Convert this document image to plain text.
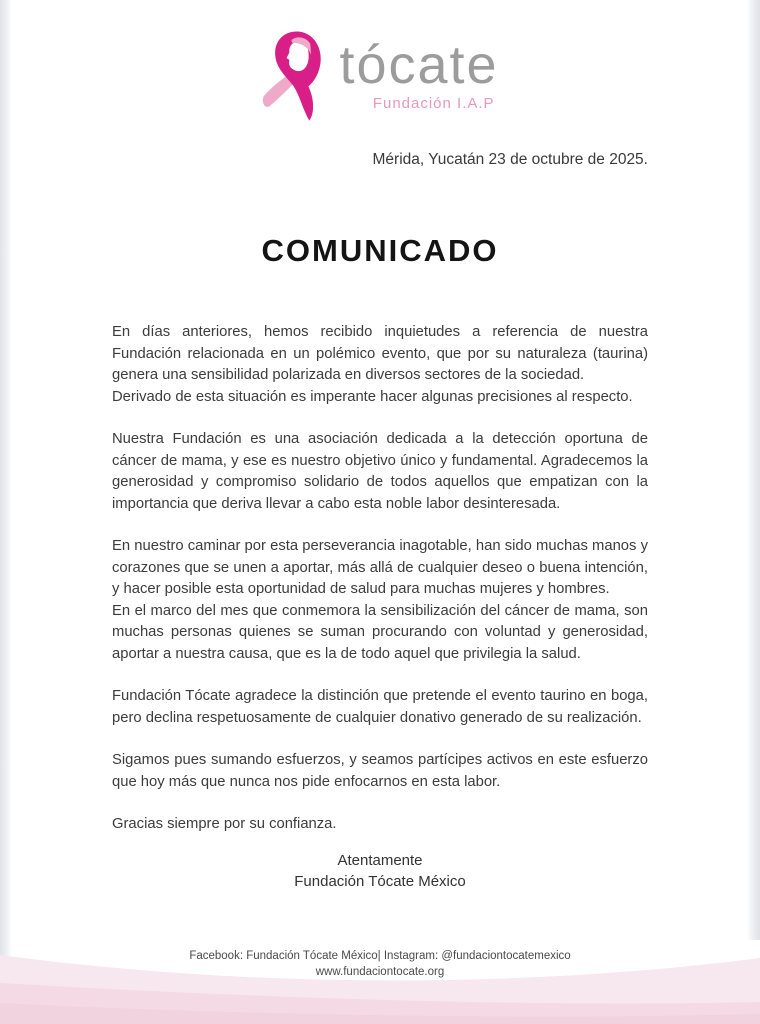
tócate
Fundación I.A.P
Mérida, Yucatán 23 de octubre de 2025.
COMUNICADO

En días anteriores, hemos recibido inquietudes a referencia de nuestra Fundación relacionada en un polémico evento, que por su naturaleza (taurina) genera una sensibilidad polarizada en diversos sectores de la sociedad.

Derivado de esta situación es imperante hacer algunas precisiones al respecto.

Nuestra Fundación es una asociación dedicada a la detección oportuna de cáncer de mama, y ese es nuestro objetivo único y fundamental. Agradecemos la generosidad y compromiso solidario de todos aquellos que empatizan con la importancia que deriva llevar a cabo esta noble labor desinteresada.

En nuestro caminar por esta perseverancia inagotable, han sido muchas manos y corazones que se unen a aportar, más allá de cualquier deseo o buena intención, y hacer posible esta oportunidad de salud para muchas mujeres y hombres.

En el marco del mes que conmemora la sensibilización del cáncer de mama, son muchas personas quienes se suman procurando con voluntad y generosidad, aportar a nuestra causa, que es la de todo aquel que privilegia la salud.

Fundación Tócate agradece la distinción que pretende el evento taurino en boga, pero declina respetuosamente de cualquier donativo generado de su realización.

Sigamos pues sumando esfuerzos, y seamos partícipes activos en este esfuerzo que hoy más que nunca nos pide enfocarnos en esta labor.

Gracias siempre por su confianza.

Atentamente
Fundación Tócate México
Facebook: Fundación Tócate México| Instagram: @fundaciontocatemexico
www.fundaciontocate.org
